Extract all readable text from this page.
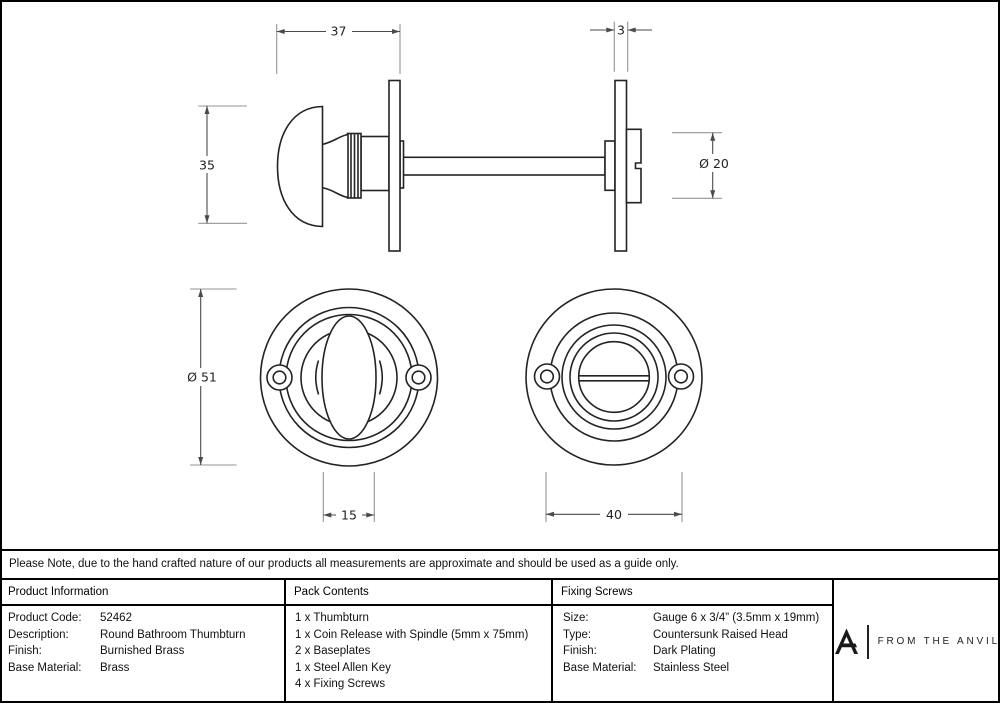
37
35
3
Ø 20
Ø 51
15	40
Please Note, due to the hand crafted nature of our products all measurements are approximate and should be used as a guide only.
Product Information
Product Code:	52462
Description:	Round Bathroom Thumbturn
Finish:	Burnished Brass
Base Material:	Brass
Pack Contents
1 x Thumbturn
1 x Coin Release with Spindle (5mm x 75mm)
2 x Baseplates
1 x Steel Allen Key
4 x Fixing Screws
Fixing Screws
Size:	Gauge 6 x 3/4” (3.5mm x 19mm)
Type:	Countersunk Raised Head
Finish:	Dark Plating
Base Material:	Stainless Steel
FROM THE ANVIL
